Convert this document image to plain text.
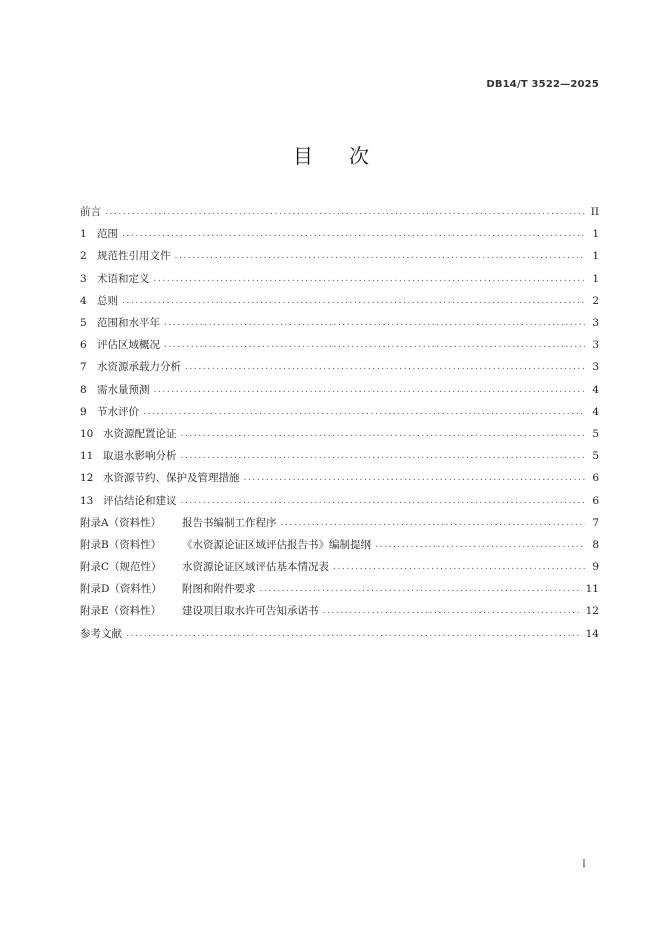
DB14/T 3522—2025
目 次
前言 .....	II
1 范围 .....	1
2 规范性引用文件 .....	1
3 术语和定义 .....	1
4 总则 .....	2
5 范围和水平年 .....	3
6 评估区域概况 .....	3
7 水资源承载力分析 .....	3
8 需水量预测 .....	4
9 节水评价 .....	4
10 水资源配置论证 .....	5
11 取退水影响分析 .....	5
12 水资源节约、保护及管理措施 .....	6
13 评估结论和建议 .....	6
附录A（资料性）	报告书编制工作程序 .....	7
附录B（资料性）	《水资源论证区域评估报告书》编制提纲 .....	8
附录C（规范性）	水资源论证区域评估基本情况表 .....	9
附录D（资料性）	附图和附件要求 .....	11
附录E（资料性）	建设项目取水许可告知承诺书 .....	12
参考文献 .....	14
I
